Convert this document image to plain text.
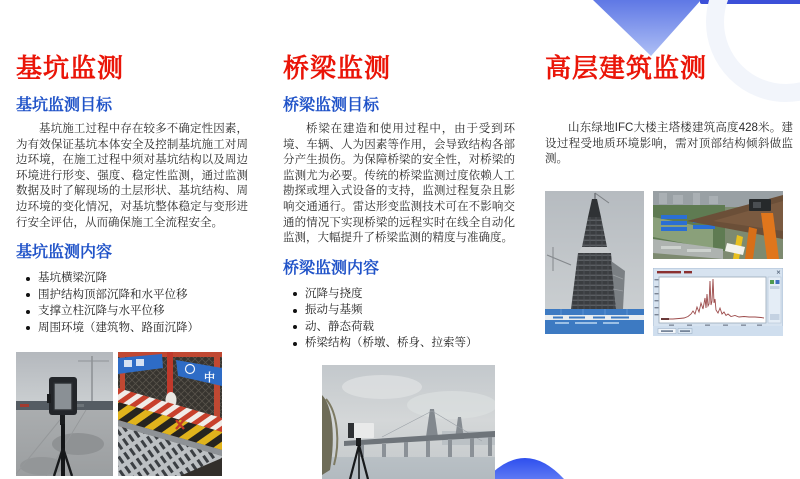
基坑监测
基坑监测目标

基坑施工过程中存在较多不确定性因素，为有效保证基坑本体安全及控制基坑施工对周边环境，在施工过程中须对基坑结构以及周边环境进行形变、强度、稳定性监测，通过监测数据及时了解现场的土层形状、基坑结构、周边环境的变化情况，对基坑整体稳定与变形进行安全评估，从而确保施工全流程安全。

基坑监测内容
基坑横梁沉降
围护结构顶部沉降和水平位移
支撑立柱沉降与水平位移
周围环境（建筑物、路面沉降）
中
桥梁监测
桥梁监测目标

桥梁在建造和使用过程中，由于受到环境、车辆、人为因素等作用，会导致结构各部分产生损伤。为保障桥梁的安全性，对桥梁的监测尤为必要。传统的桥梁监测过度依赖人工勘探或埋入式设备的支持，监测过程复杂且影响交通通行。雷达形变监测技术可在不影响交通的情况下实现桥梁的远程实时在线全自动化监测，大幅提升了桥梁监测的精度与准确度。

桥梁监测内容
沉降与挠度
振动与基频
动、静态荷载
桥梁结构（桥墩、桥身、拉索等）
高层建筑监测

山东绿地IFC大楼主塔楼建筑高度428米。建设过程受地质环境影响，需对顶部结构倾斜做监测。
